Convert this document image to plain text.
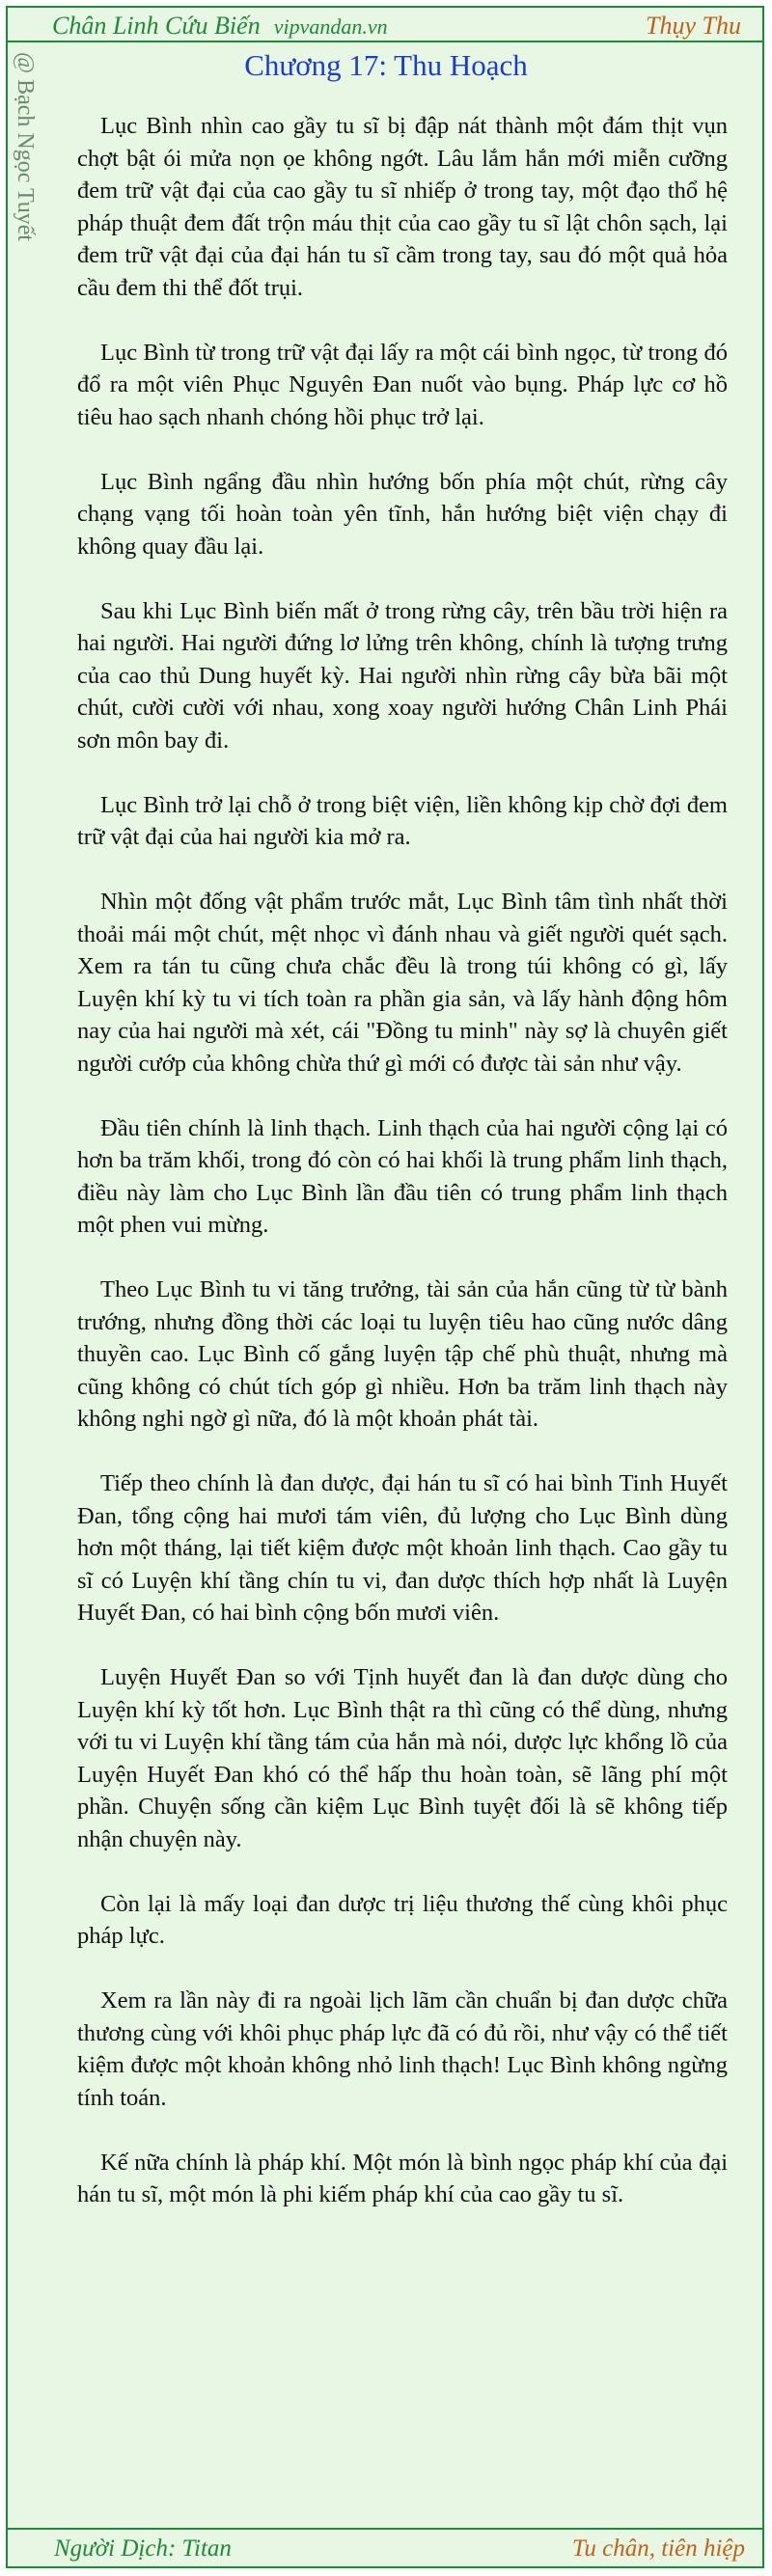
Chân Linh Cứu Biến vipvandan.vn	Thụy Thu
@ Bạch Ngọc Tuyết	Chương 17: Thu Hoạch

Lục Bình nhìn cao gầy tu sĩ bị đập nát thành một đám thịt vụn chợt bật ói mửa nọn ọe không ngớt. Lâu lắm hắn mới miễn cưỡng đem trữ vật đại của cao gầy tu sĩ nhiếp ở trong tay, một đạo thổ hệ pháp thuật đem đất trộn máu thịt của cao gầy tu sĩ lật chôn sạch, lại đem trữ vật đại của đại hán tu sĩ cầm trong tay, sau đó một quả hỏa cầu đem thi thể đốt trụi.

Lục Bình từ trong trữ vật đại lấy ra một cái bình ngọc, từ trong đó đổ ra một viên Phục Nguyên Đan nuốt vào bụng. Pháp lực cơ hồ tiêu hao sạch nhanh chóng hồi phục trở lại.

Lục Bình ngẩng đầu nhìn hướng bốn phía một chút, rừng cây chạng vạng tối hoàn toàn yên tĩnh, hắn hướng biệt viện chạy đi không quay đầu lại.

Sau khi Lục Bình biến mất ở trong rừng cây, trên bầu trời hiện ra hai người. Hai người đứng lơ lửng trên không, chính là tượng trưng của cao thủ Dung huyết kỳ. Hai người nhìn rừng cây bừa bãi một chút, cười cười với nhau, xong xoay người hướng Chân Linh Phái sơn môn bay đi.

Lục Bình trở lại chỗ ở trong biệt viện, liền không kịp chờ đợi đem trữ vật đại của hai người kia mở ra.

Nhìn một đống vật phẩm trước mắt, Lục Bình tâm tình nhất thời thoải mái một chút, mệt nhọc vì đánh nhau và giết người quét sạch. Xem ra tán tu cũng chưa chắc đều là trong túi không có gì, lấy Luyện khí kỳ tu vi tích toàn ra phần gia sản, và lấy hành động hôm nay của hai người mà xét, cái "Đồng tu minh" này sợ là chuyên giết người cướp của không chừa thứ gì mới có được tài sản như vậy.

Đầu tiên chính là linh thạch. Linh thạch của hai người cộng lại có hơn ba trăm khối, trong đó còn có hai khối là trung phẩm linh thạch, điều này làm cho Lục Bình lần đầu tiên có trung phẩm linh thạch một phen vui mừng.

Theo Lục Bình tu vi tăng trưởng, tài sản của hắn cũng từ từ bành trướng, nhưng đồng thời các loại tu luyện tiêu hao cũng nước dâng thuyền cao. Lục Bình cố gắng luyện tập chế phù thuật, nhưng mà cũng không có chút tích góp gì nhiều. Hơn ba trăm linh thạch này không nghi ngờ gì nữa, đó là một khoản phát tài.

Tiếp theo chính là đan dược, đại hán tu sĩ có hai bình Tinh Huyết Đan, tổng cộng hai mươi tám viên, đủ lượng cho Lục Bình dùng hơn một tháng, lại tiết kiệm được một khoản linh thạch. Cao gầy tu sĩ có Luyện khí tầng chín tu vi, đan dược thích hợp nhất là Luyện Huyết Đan, có hai bình cộng bốn mươi viên.

Luyện Huyết Đan so với Tịnh huyết đan là đan dược dùng cho Luyện khí kỳ tốt hơn. Lục Bình thật ra thì cũng có thể dùng, nhưng với tu vi Luyện khí tầng tám của hắn mà nói, dược lực khổng lồ của Luyện Huyết Đan khó có thể hấp thu hoàn toàn, sẽ lãng phí một phần. Chuyện sống cần kiệm Lục Bình tuyệt đối là sẽ không tiếp nhận chuyện này.

Còn lại là mấy loại đan dược trị liệu thương thế cùng khôi phục pháp lực.

Xem ra lần này đi ra ngoài lịch lãm cần chuẩn bị đan dược chữa thương cùng với khôi phục pháp lực đã có đủ rồi, như vậy có thể tiết kiệm được một khoản không nhỏ linh thạch! Lục Bình không ngừng tính toán.

Kế nữa chính là pháp khí. Một món là bình ngọc pháp khí của đại hán tu sĩ, một món là phi kiếm pháp khí của cao gầy tu sĩ.

Người Dịch: Titan	Tu chân, tiên hiệp
